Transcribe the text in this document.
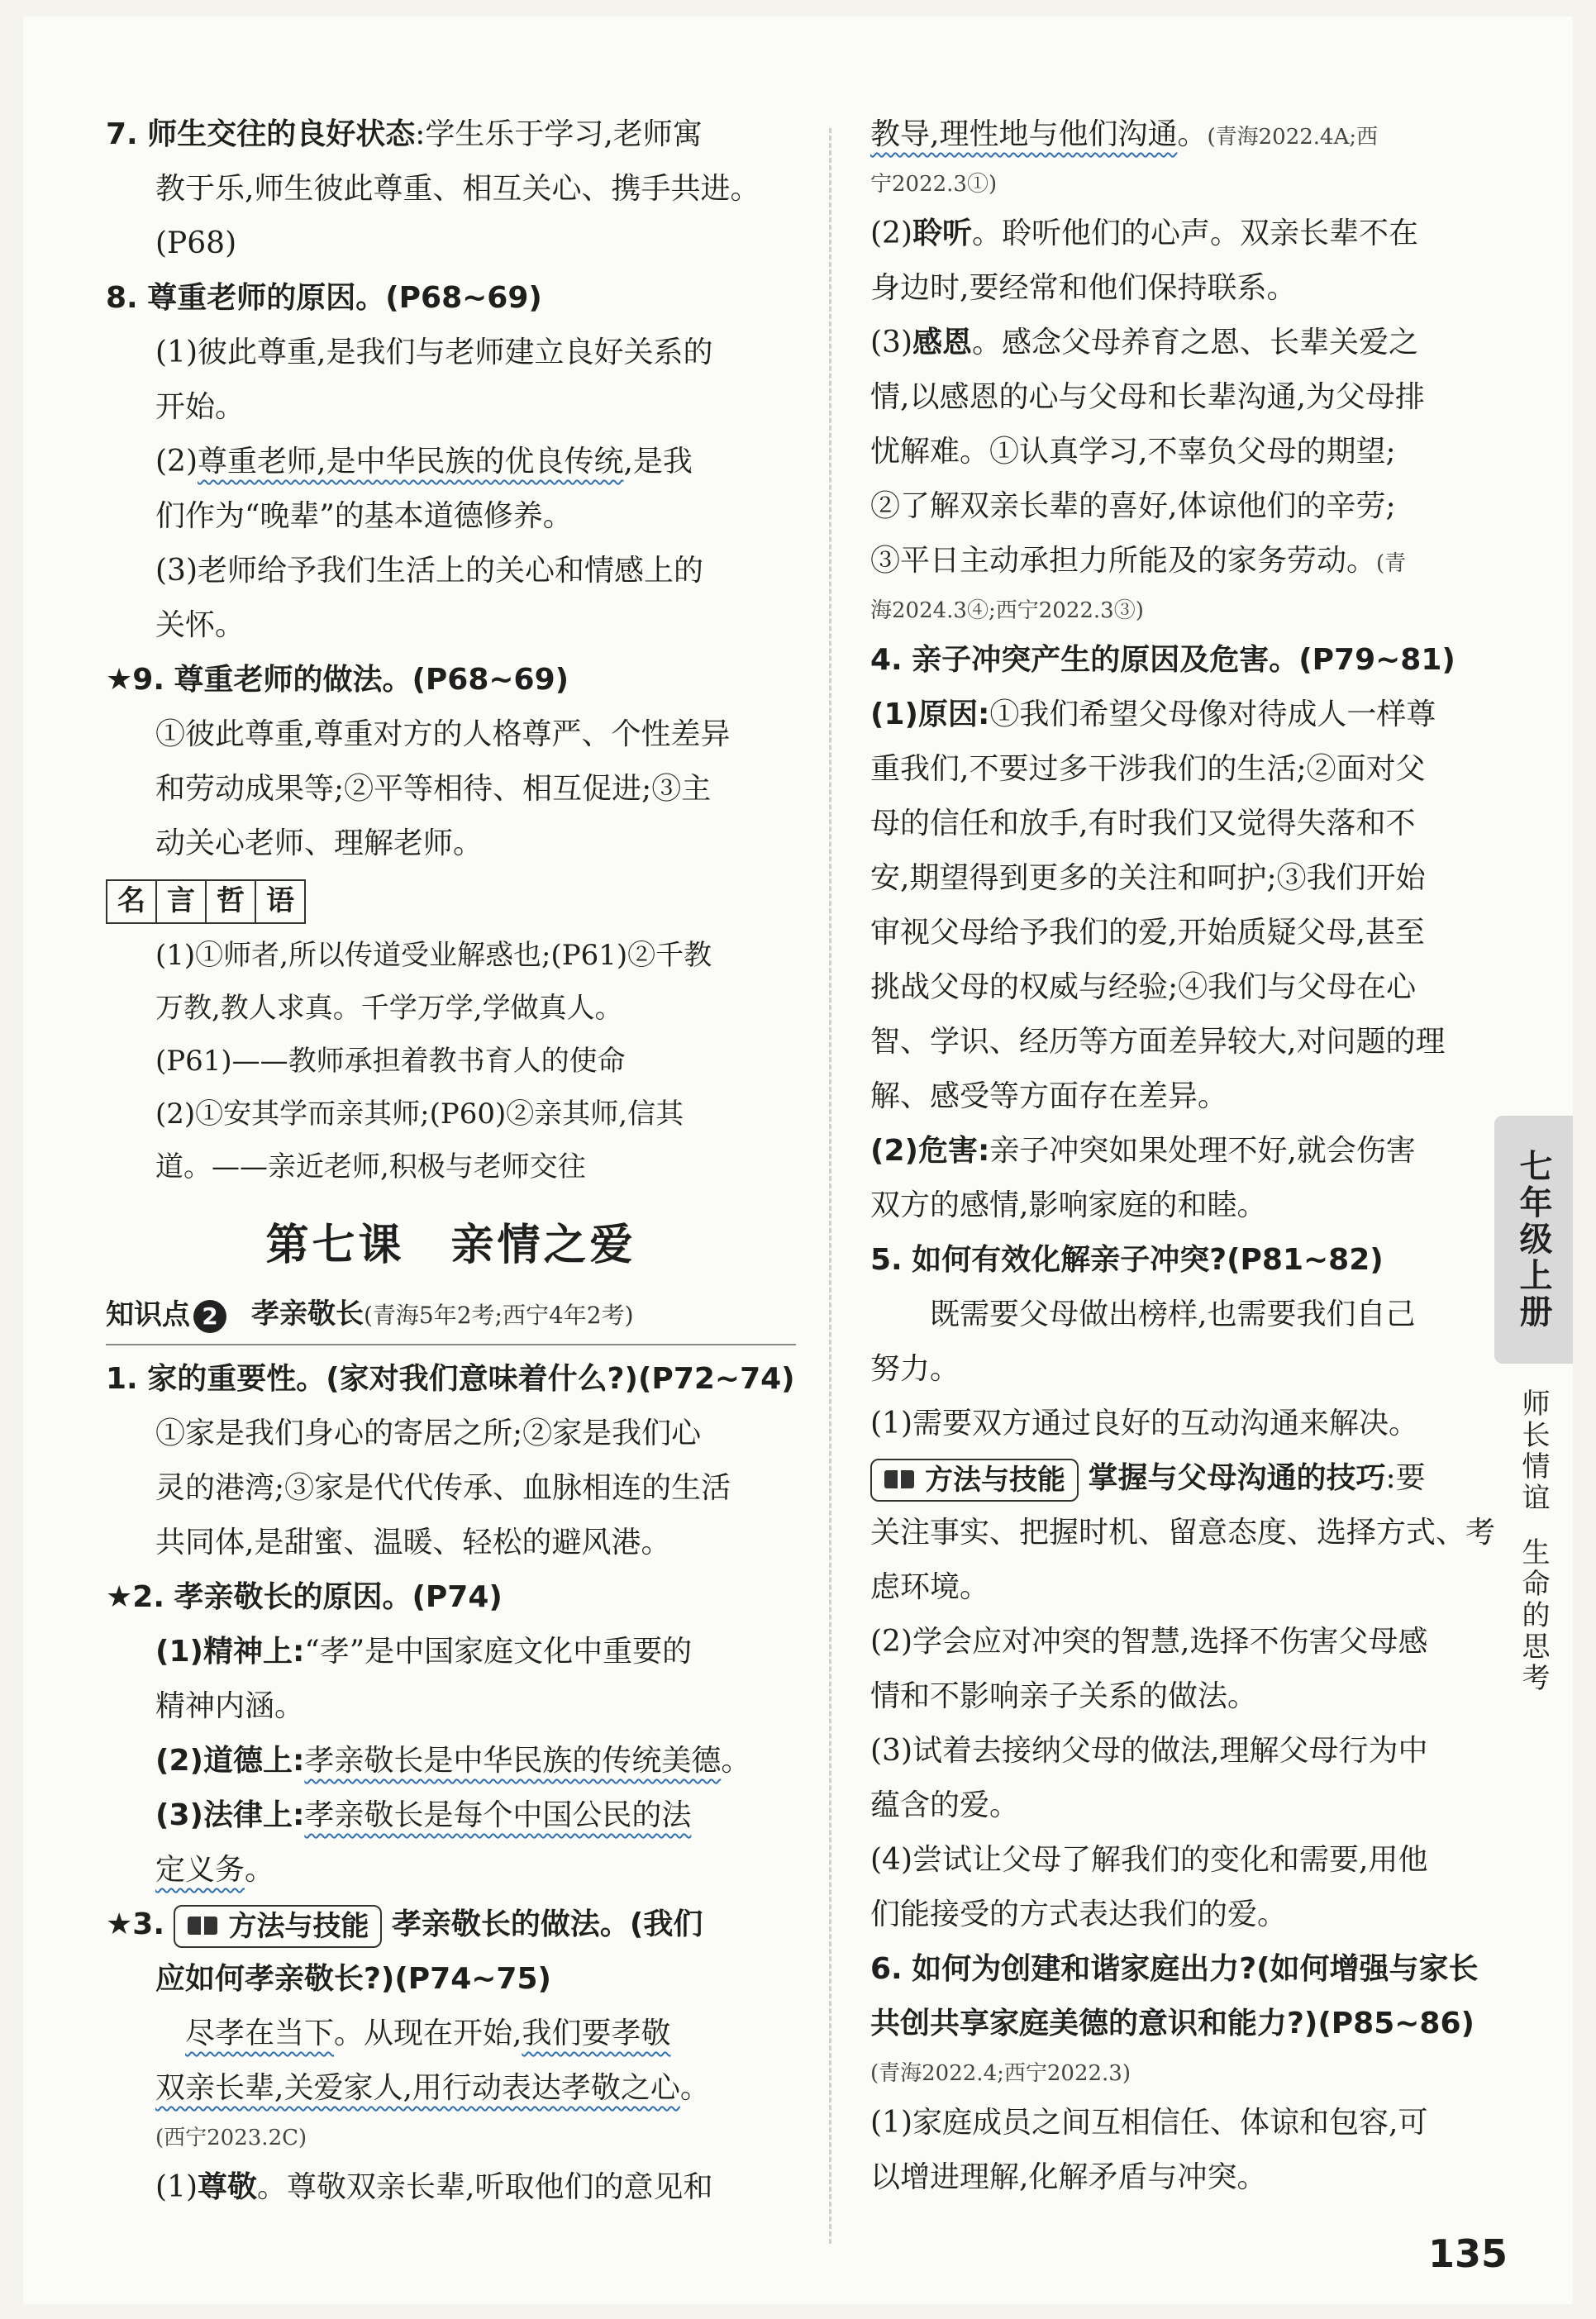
7. 师生交往的良好状态:学生乐于学习,老师寓

教于乐,师生彼此尊重、相互关心、携手共进。

(P68)

8. 尊重老师的原因。(P68~69)

(1)彼此尊重,是我们与老师建立良好关系的

开始。

(2)尊重老师,是中华民族的优良传统,是我

们作为“晚辈”的基本道德修养。

(3)老师给予我们生活上的关心和情感上的

关怀。

★9. 尊重老师的做法。(P68~69)

①彼此尊重,尊重对方的人格尊严、个性差异

和劳动成果等;②平等相待、相互促进;③主

动关心老师、理解老师。

名 言 哲 语

(1)①师者,所以传道受业解惑也;(P61)②千教

万教,教人求真。千学万学,学做真人。

(P61)——教师承担着教书育人的使命

(2)①安其学而亲其师;(P60)②亲其师,信其

道。——亲近老师,积极与老师交往

第七课　亲情之爱
知识点 2	孝亲敬长(青海5年2考;西宁4年2考)

1. 家的重要性。(家对我们意味着什么?)(P72~74)

①家是我们身心的寄居之所;②家是我们心

灵的港湾;③家是代代传承、血脉相连的生活

共同体,是甜蜜、温暖、轻松的避风港。

★2. 孝亲敬长的原因。(P74)

(1)精神上:“孝”是中国家庭文化中重要的

精神内涵。

(2)道德上:孝亲敬长是中华民族的传统美德。

(3)法律上:孝亲敬长是每个中国公民的法

定义务。

★3. 方法与技能 孝亲敬长的做法。(我们

应如何孝亲敬长?)(P74~75)

 尽孝在当下。从现在开始,我们要孝敬

双亲长辈,关爱家人,用行动表达孝敬之心。

(西宁2023.2C)

(1)尊敬。尊敬双亲长辈,听取他们的意见和

教导,理性地与他们沟通。(青海2022.4A;西

宁2022.3①)

(2)聆听。聆听他们的心声。双亲长辈不在

身边时,要经常和他们保持联系。

(3)感恩。感念父母养育之恩、长辈关爱之

情,以感恩的心与父母和长辈沟通,为父母排

忧解难。①认真学习,不辜负父母的期望;

②了解双亲长辈的喜好,体谅他们的辛劳;

③平日主动承担力所能及的家务劳动。(青

海2024.3④;西宁2022.3③)

4. 亲子冲突产生的原因及危害。(P79~81)

(1)原因:①我们希望父母像对待成人一样尊

重我们,不要过多干涉我们的生活;②面对父

母的信任和放手,有时我们又觉得失落和不

安,期望得到更多的关注和呵护;③我们开始

审视父母给予我们的爱,开始质疑父母,甚至

挑战父母的权威与经验;④我们与父母在心

智、学识、经历等方面差异较大,对问题的理

解、感受等方面存在差异。

(2)危害:亲子冲突如果处理不好,就会伤害

双方的感情,影响家庭的和睦。

5. 如何有效化解亲子冲突?(P81~82)

  既需要父母做出榜样,也需要我们自己

努力。

(1)需要双方通过良好的互动沟通来解决。

方法与技能 掌握与父母沟通的技巧:要

关注事实、把握时机、留意态度、选择方式、考

虑环境。

(2)学会应对冲突的智慧,选择不伤害父母感

情和不影响亲子关系的做法。

(3)试着去接纳父母的做法,理解父母行为中

蕴含的爱。

(4)尝试让父母了解我们的变化和需要,用他

们能接受的方式表达我们的爱。

6. 如何为创建和谐家庭出力?(如何增强与家长

共创共享家庭美德的意识和能力?)(P85~86)

(青海2022.4;西宁2022.3)

(1)家庭成员之间互相信任、体谅和包容,可

以增进理解,化解矛盾与冲突。

七年级上册
师长情谊
生命的思考
135
